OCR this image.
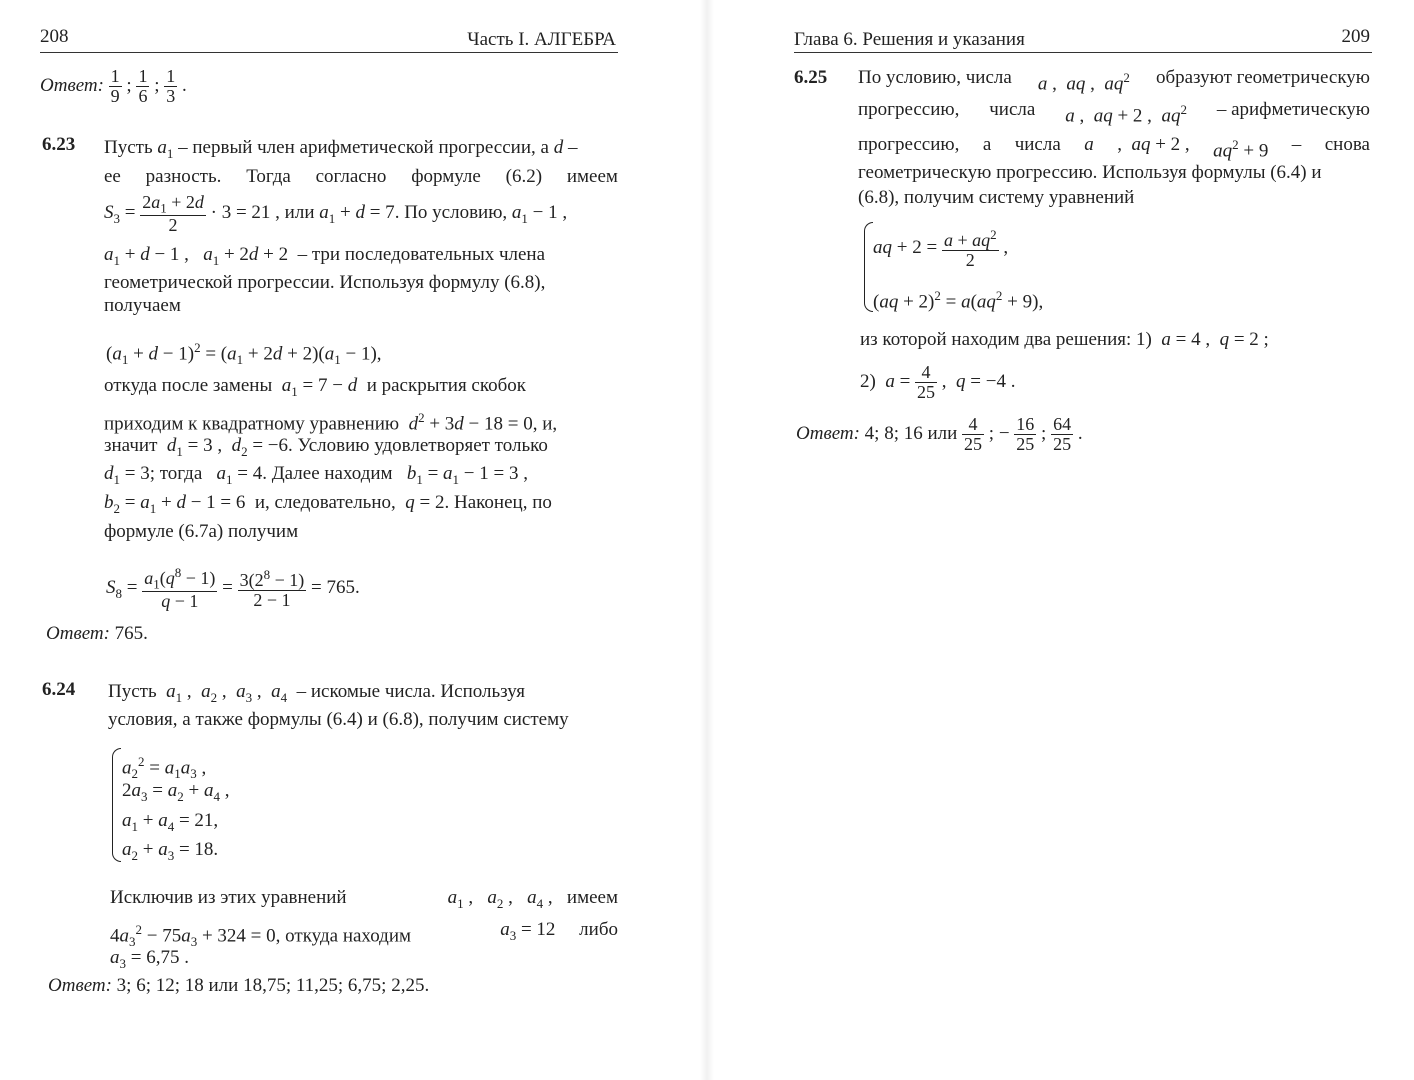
208	Часть I. АЛГЕБРА
Ответ: $\frac{1}{9}$ ; $\frac{1}{6}$ ; $\frac{1}{3}$ .
6.23 Пусть $a_1$ – первый член арифметической прогрессии, а d –
ее разность. Тогда согласно формуле (6.2) имеем
$S_3 = \frac{2a_1 + 2d}{2} \cdot 3 = 21$ , или $a_1 + d = 7$. По условию, $a_1 - 1$ ,
$a_1 + d - 1$ ,   $a_1 + 2d + 2$  – три последовательных члена
геометрической прогрессии. Используя формулу (6.8),
получаем
$(a_1 + d - 1)^2 = (a_1 + 2d + 2)(a_1 - 1)$,
откуда после замены $a_1 = 7 - d$ и раскрытия скобок
приходим к квадратному уравнению $d^2 + 3d - 18 = 0$, и,
значит $d_1 = 3$ ,  $d_2 = -6$. Условию удовлетворяет только
$d_1 = 3$; тогда $a_1 = 4$. Далее находим $b_1 = a_1 - 1 = 3$ ,
$b_2 = a_1 + d - 1 = 6$  и, следовательно, q = 2. Наконец, по
формуле (6.7а) получим
$S_8 = \frac{a_1(q^8 - 1)}{q - 1} = \frac{3(2^8 - 1)}{2 - 1} = 765$.
Ответ: 765.
6.24 Пусть $a_1$ ,  $a_2$ ,  $a_3$ ,  $a_4$ – искомые числа. Используя
условия, а также формулы (6.4) и (6.8), получим систему
$a_2^2 = a_1a_3$ ,
$2a_3 = a_2 + a_4$ ,
$a_1 + a_4 = 21$,
$a_2 + a_3 = 18$.
Исключив из этих уравнений	$a_1$ ,   $a_2$ ,   $a_4$ ,   имеем
$4a_3^2 - 75a_3 + 324 = 0$, откуда находим	$a_3 = 12$     либо
$a_3 = 6,75$ .
Ответ: 3; 6; 12; 18 или 18,75; 11,25; 6,75; 2,25.
Глава 6. Решения и указания	209
6.25 По условию, числа a ,  aq ,  $aq^2$ образуют геометрическую
прогрессию, числа a ,  aq + 2 ,  $aq^2$ – арифметическую
прогрессию, а числа a ,  aq + 2 , $aq^2 + 9$ – снова
геометрическую прогрессию. Используя формулы (6.4) и
(6.8), получим систему уравнений
aq + $2 = \frac{a + aq^2}{2}$ ,
$(aq + 2)^2 = a(aq^2 + 9)$,
из которой находим два решения: 1) a = 4 ,  q = 2 ;
2)  $a = \frac{4}{25}$ ,  q = −4 .
Ответ: 4; 8; 16 или $\frac{4}{25}$ ; − $\frac{16}{25}$ ; $\frac{64}{25}$ .
